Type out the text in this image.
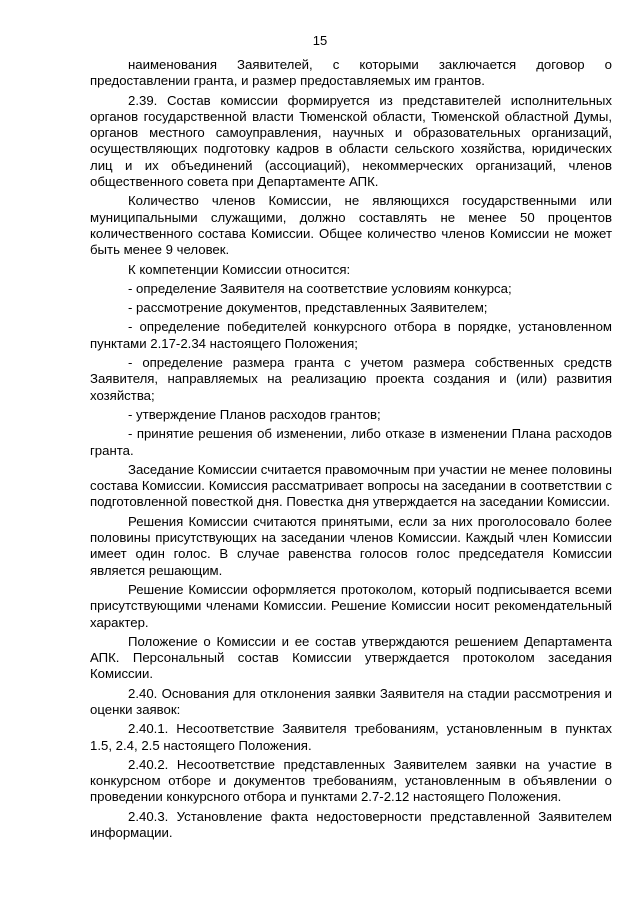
15

наименования Заявителей, с которыми заключается договор о предоставлении гранта, и размер предоставляемых им грантов.

2.39. Состав комиссии формируется из представителей исполнительных органов государственной власти Тюменской области, Тюменской областной Думы, органов местного самоуправления, научных и образовательных организаций, осуществляющих подготовку кадров в области сельского хозяйства, юридических лиц и их объединений (ассоциаций), некоммерческих организаций, членов общественного совета при Департаменте АПК.

Количество членов Комиссии, не являющихся государственными или муниципальными служащими, должно составлять не менее 50 процентов количественного состава Комиссии. Общее количество членов Комиссии не может быть менее 9 человек.

К компетенции Комиссии относится:

- определение Заявителя на соответствие условиям конкурса;

- рассмотрение документов, представленных Заявителем;

- определение победителей конкурсного отбора в порядке, установленном пунктами 2.17-2.34 настоящего Положения;

- определение размера гранта с учетом размера собственных средств Заявителя, направляемых на реализацию проекта создания и (или) развития хозяйства;

- утверждение Планов расходов грантов;

- принятие решения об изменении, либо отказе в изменении Плана расходов гранта.

Заседание Комиссии считается правомочным при участии не менее половины состава Комиссии. Комиссия рассматривает вопросы на заседании в соответствии с подготовленной повесткой дня. Повестка дня утверждается на заседании Комиссии.

Решения Комиссии считаются принятыми, если за них проголосовало более половины присутствующих на заседании членов Комиссии. Каждый член Комиссии имеет один голос. В случае равенства голосов голос председателя Комиссии является решающим.

Решение Комиссии оформляется протоколом, который подписывается всеми присутствующими членами Комиссии. Решение Комиссии носит рекомендательный характер.

Положение о Комиссии и ее состав утверждаются решением Департамента АПК. Персональный состав Комиссии утверждается протоколом заседания Комиссии.

2.40. Основания для отклонения заявки Заявителя на стадии рассмотрения и оценки заявок:

2.40.1. Несоответствие Заявителя требованиям, установленным в пунктах 1.5, 2.4, 2.5 настоящего Положения.

2.40.2. Несоответствие представленных Заявителем заявки на участие в конкурсном отборе и документов требованиям, установленным в объявлении о проведении конкурсного отбора и пунктами 2.7-2.12 настоящего Положения.

2.40.3. Установление факта недостоверности представленной Заявителем информации.
